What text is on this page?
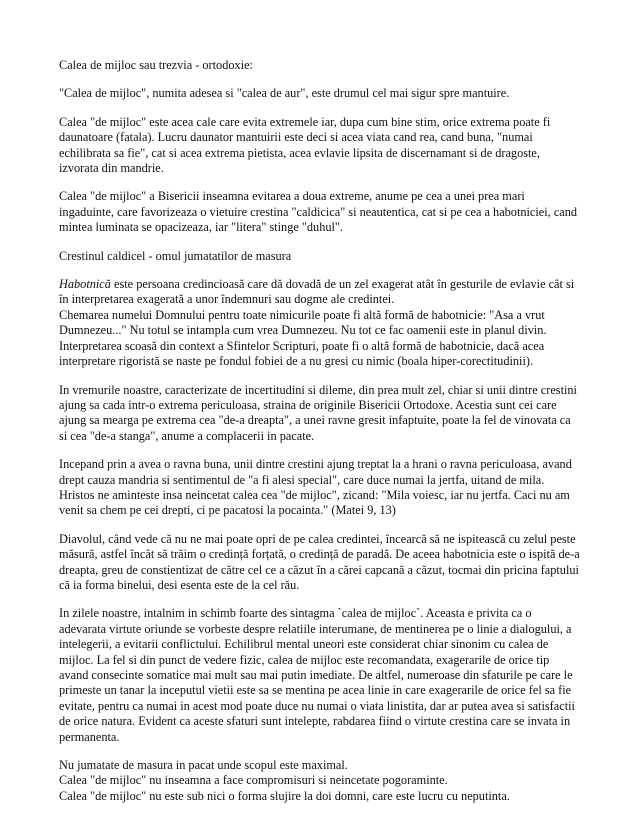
Calea de mijloc sau trezvia - ortodoxie:

"Calea de mijloc", numita adesea si "calea de aur", este drumul cel mai sigur spre mantuire.

Calea "de mijloc" este acea cale care evita extremele iar, dupa cum bine stim, orice extrema poate fi daunatoare (fatala). Lucru daunator mantuirii este deci si acea viata cand rea, cand buna, "numai echilibrata sa fie", cat si acea extrema pietista, acea evlavie lipsita de discernamant si de dragoste, izvorata din mandrie.

Calea "de mijloc" a Bisericii inseamna evitarea a doua extreme, anume pe cea a unei prea mari ingaduinte, care favorizeaza o vietuire crestina "caldicica" si neautentica, cat si pe cea a habotniciei, cand mintea luminata se opacizeaza, iar "litera" stinge "duhul".

Crestinul caldicel - omul jumatatilor de masura

Habotnică este persoana credincioasă care dă dovadă de un zel exagerat atât în gesturile de evlavie cât si în interpretarea exagerată a unor îndemnuri sau dogme ale credintei.

Chemarea numelui Domnului pentru toate nimicurile poate fi altă formă de habotnicie: "Asa a vrut Dumnezeu..." Nu totul se intampla cum vrea Dumnezeu. Nu tot ce fac oamenii este in planul divin.

Interpretarea scoasă din context a Sfintelor Scripturi, poate fi o altă formă de habotnicie, dacă acea interpretare rigoristă se naste pe fondul fobiei de a nu gresi cu nimic (boala hiper-corectitudinii).

In vremurile noastre, caracterizate de incertitudini si dileme, din prea mult zel, chiar si unii dintre crestini ajung sa cada intr-o extrema periculoasa, straina de originile Bisericii Ortodoxe. Acestia sunt cei care ajung sa mearga pe extrema cea "de-a dreapta", a unei ravne gresit infaptuite, poate la fel de vinovata ca si cea "de-a stanga", anume a complacerii in pacate.

Incepand prin a avea o ravna buna, unii dintre crestini ajung treptat la a hrani o ravna periculoasa, avand drept cauza mandria si sentimentul de "a fi alesi special", care duce numai la jertfa, uitand de mila. Hristos ne aminteste insa neincetat calea cea "de mijloc", zicand: "Mila voiesc, iar nu jertfa. Caci nu am venit sa chem pe cei drepti, ci pe pacatosi la pocainta." (Matei 9, 13)

Diavolul, când vede că nu ne mai poate opri de pe calea credintei, încearcă să ne ispitească cu zelul peste măsură, astfel încât să trăim o credință forțată, o credință de paradă. De aceea habotnicia este o ispită de-a dreapta, greu de constientizat de către cel ce a căzut în a cărei capcană a căzut, tocmai din pricina faptului că ia forma binelui, desi esenta este de la cel rău.

In zilele noastre, intalnim in schimb foarte des sintagma `calea de mijloc`. Aceasta e privita ca o adevarata virtute oriunde se vorbeste despre relatiile interumane, de mentinerea pe o linie a dialogului, a intelegerii, a evitarii conflictului. Echilibrul mental uneori este considerat chiar sinonim cu calea de mijloc. La fel si din punct de vedere fizic, calea de mijloc este recomandata, exagerarile de orice tip avand consecinte somatice mai mult sau mai putin imediate. De altfel, numeroase din sfaturile pe care le primeste un tanar la inceputul vietii este sa se mentina pe acea linie in care exagerarile de orice fel sa fie evitate, pentru ca numai in acest mod poate duce nu numai o viata linistita, dar ar putea avea si satisfactii de orice natura. Evident ca aceste sfaturi sunt intelepte, rabdarea fiind o virtute crestina care se invata in permanenta.

Nu jumatate de masura in pacat unde scopul este maximal.

Calea "de mijloc" nu inseamna a face compromisuri si neincetate pogoraminte.

Calea "de mijloc" nu este sub nici o forma slujire la doi domni, care este lucru cu neputinta.
